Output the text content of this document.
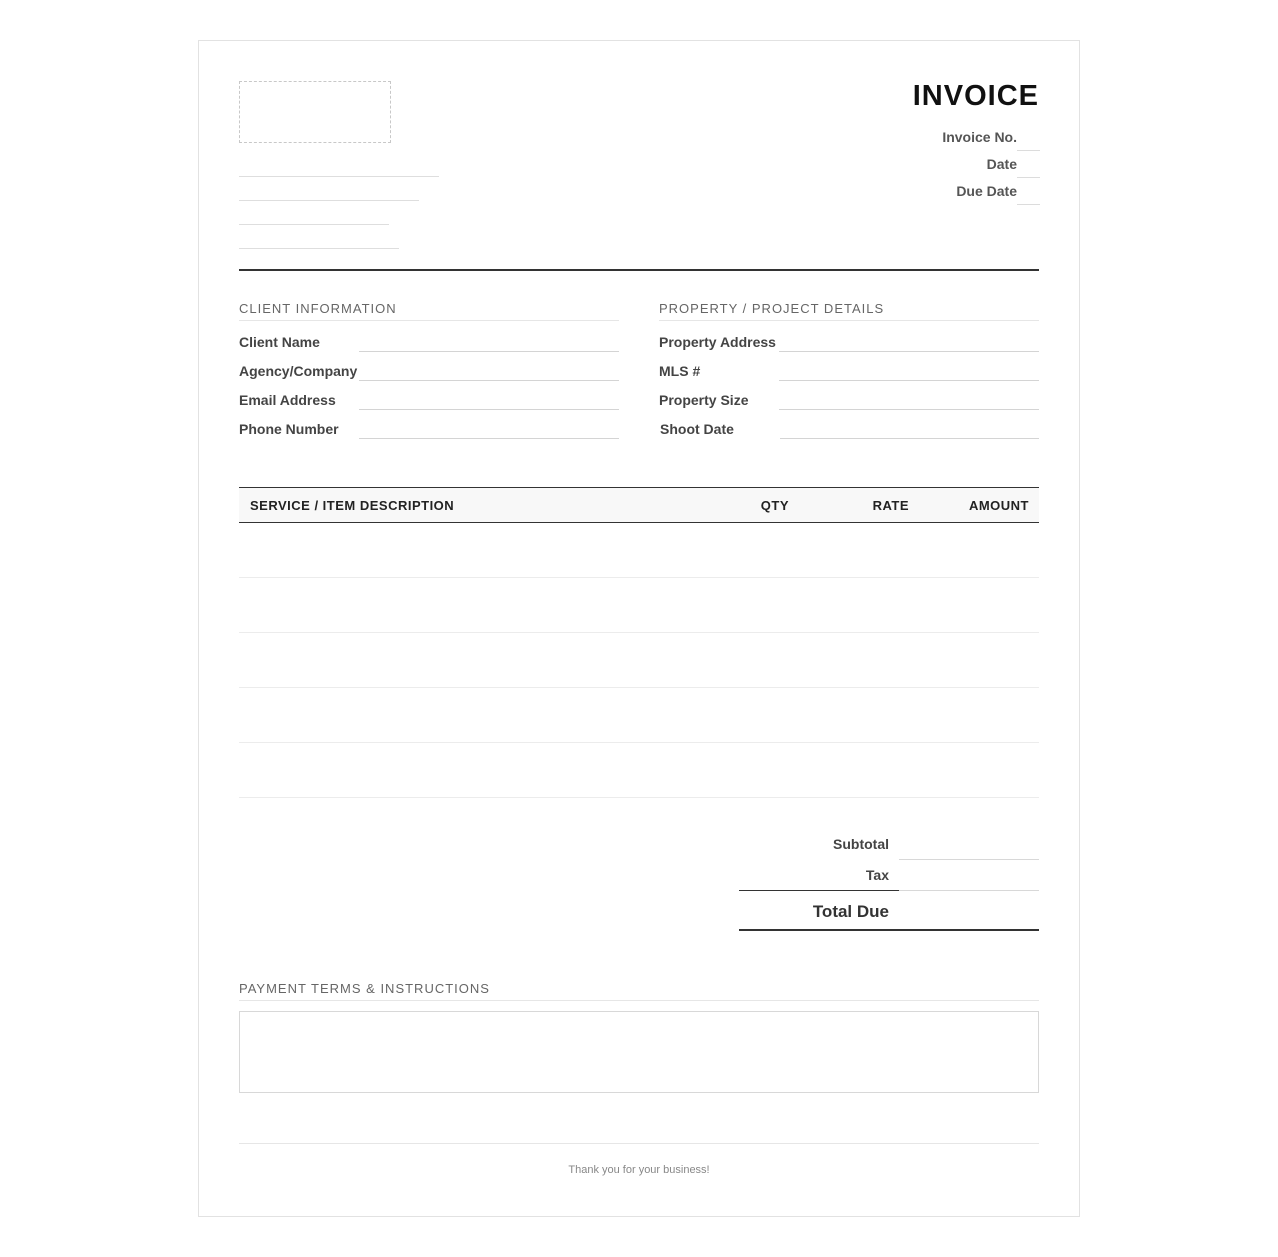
INVOICE
Invoice No.
Date
Due Date
CLIENT INFORMATION
Client Name
Agency/Company
Email Address
Phone Number
PROPERTY / PROJECT DETAILS
Property Address
MLS #
Property Size
Shoot Date
SERVICE / ITEM DESCRIPTION	QTY	RATE	AMOUNT
Subtotal
Tax
Total Due
PAYMENT TERMS & INSTRUCTIONS
Thank you for your business!
